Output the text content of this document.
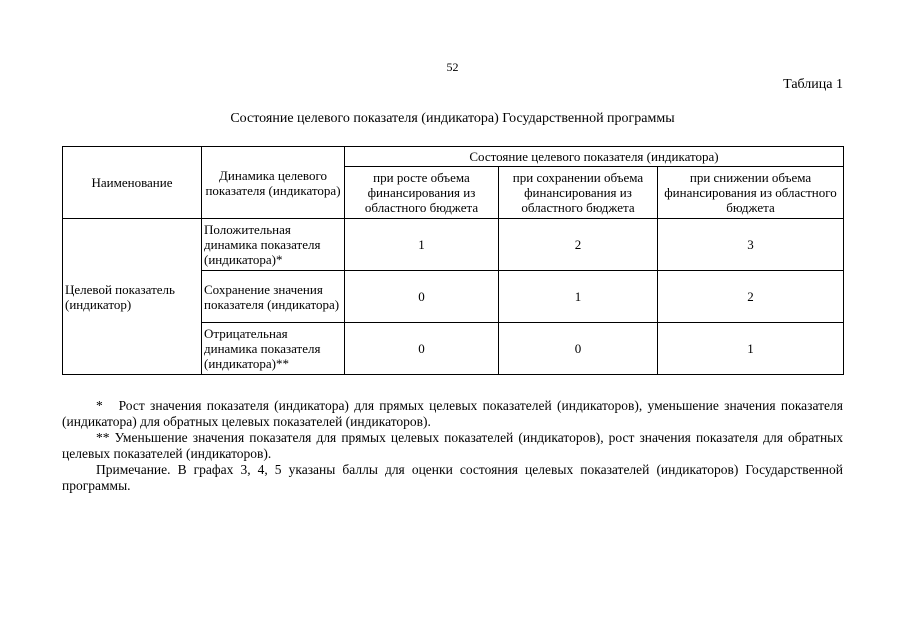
52
Таблица 1
Состояние целевого показателя (индикатора) Государственной программы
Наименование	Динамика целевого показателя (индикатора)	Состояние целевого показателя (индикатора)		
		при росте объема финансирования из областного бюджета	при сохранении объема финансирования из областного бюджета	при снижении объема финансирования из областного бюджета
Целевой показатель (индикатор)	Положительная динамика показателя (индикатора)*	1	2	3
	Сохранение значения показателя (индикатора)	0	1	2
	Отрицательная динамика показателя (индикатора)**	0	0	1

*   Рост значения показателя (индикатора) для прямых целевых показателей (индикаторов), уменьшение значения показателя (индикатора) для обратных целевых показателей (индикаторов).

** Уменьшение значения показателя для прямых целевых показателей (индикаторов), рост значения показателя для обратных целевых показателей (индикаторов).

Примечание. В графах 3, 4, 5 указаны баллы для оценки состояния целевых показателей (индикаторов) Государственной программы.
